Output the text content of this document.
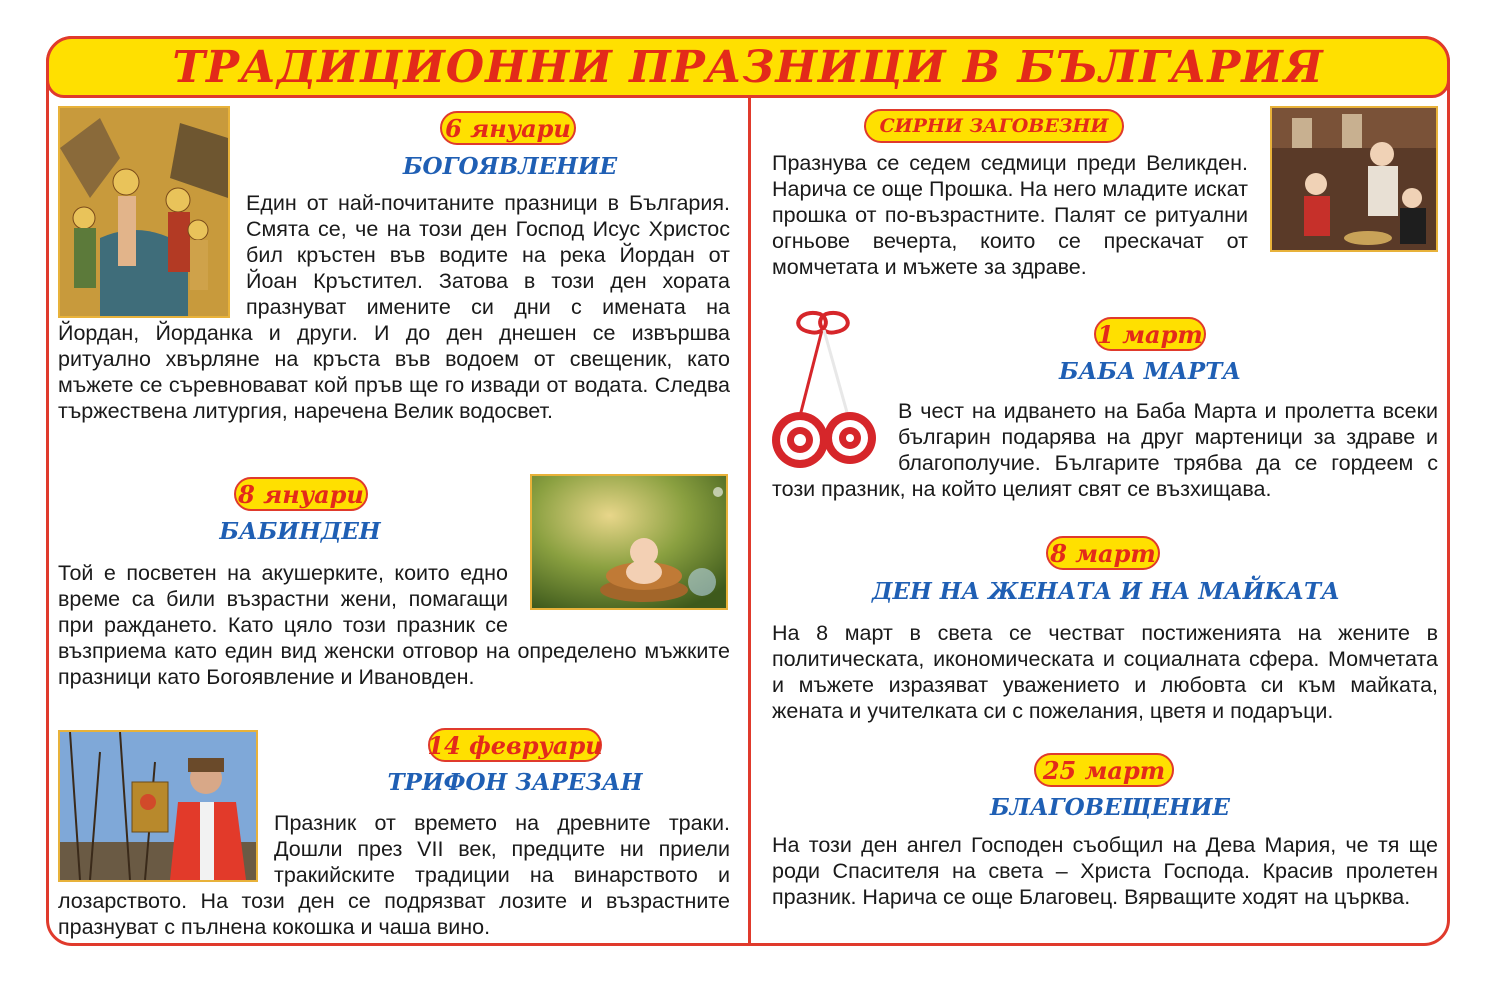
ТРАДИЦИОННИ ПРАЗНИЦИ В БЪЛГАРИЯ
6 януари
БОГОЯВЛЕНИЕ

Един от най-почитаните празници в България. Смята се, че на този ден Господ Исус Христос бил кръстен във водите на река Йордан от Йоан Кръстител. Затова в този ден хората празнуват имените си дни с имената на Йордан, Йорданка и други. И до ден днешен се извършва ритуално хвърляне на кръста във водоем от свещеник, като мъжете се съревновават кой пръв ще го извади от водата. Следва тържествена литургия, наречена Велик водосвет.

8 януари
БАБИНДЕН

Той е посветен на акушерките, които едно време са били възрастни жени, помагащи при раждането. Като цяло този празник се възприема като един вид женски отговор на определено мъжките празници като Богоявление и Ивановден.

14 февруари
ТРИФОН ЗАРЕЗАН

Празник от времето на древните траки. Дошли през VII век, предците ни приели тракийските традиции на винарството и лозарството. На този ден се подрязват лозите и възрастните празнуват с пълнена кокошка и чаша вино.

СИРНИ ЗАГОВЕЗНИ

Празнува се седем седмици преди Великден. Нарича се още Прошка. На него младите искат прошка от по-възрастните. Палят се ритуални огньове вечерта, които се прескачат от момчетата и мъжете за здраве.

1 март
БАБА МАРТА

В чест на идването на Баба Марта и пролетта всеки българин подарява на друг мартеници за здраве и благополучие. Българите трябва да се гордеем с този празник, на който целият свят се възхищава.

8 март
ДЕН НА ЖЕНАТА И НА МАЙКАТА

На 8 март в света се честват постиженията на жените в политическата, икономическата и социалната сфера. Момчетата и мъжете изразяват уважението и любовта си към майката, жената и учителката си с пожелания, цветя и подаръци.

25 март
БЛАГОВЕЩЕНИЕ

На този ден ангел Господен съобщил на Дева Мария, че тя ще роди Спасителя на света – Христа Господа. Красив пролетен празник. Нарича се още Благовец. Вярващите ходят на църква.
